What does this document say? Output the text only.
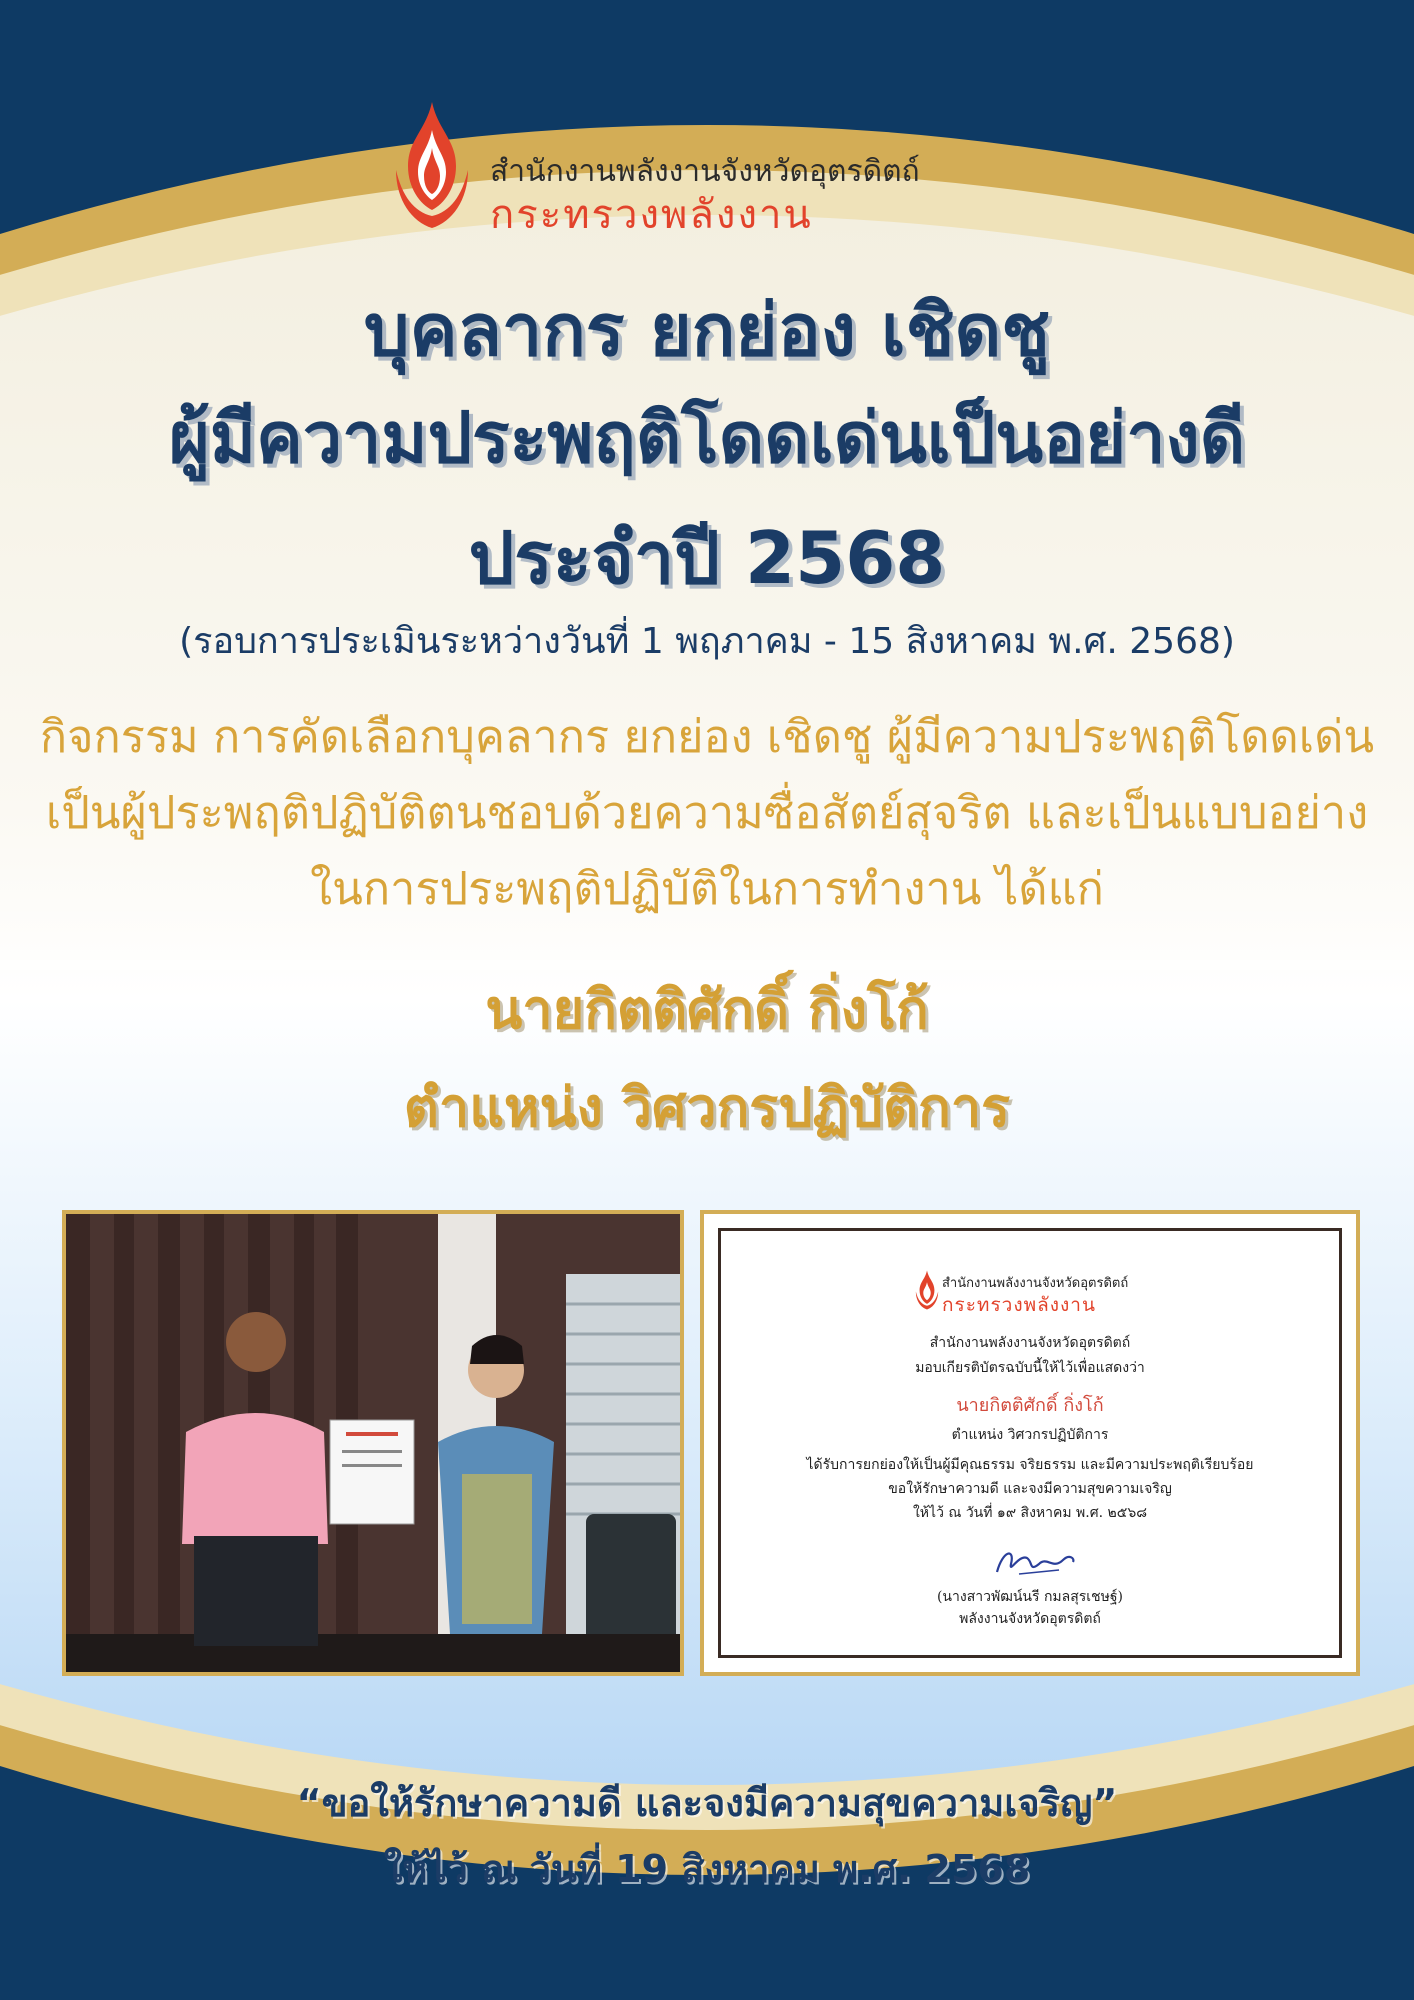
สำนักงานพลังงานจังหวัดอุตรดิตถ์
กระทรวงพลังงาน
บุคลากร ยกย่อง เชิดชู
ผู้มีความประพฤติโดดเด่นเป็นอย่างดี
ประจำปี 2568
(รอบการประเมินระหว่างวันที่ 1 พฤภาคม - 15 สิงหาคม พ.ศ. 2568)
กิจกรรม การคัดเลือกบุคลากร ยกย่อง เชิดชู ผู้มีความประพฤติโดดเด่น
เป็นผู้ประพฤติปฏิบัติตนชอบด้วยความซื่อสัตย์สุจริต และเป็นแบบอย่าง
ในการประพฤติปฏิบัติในการทำงาน ได้แก่
นายกิตติศักดิ์ กิ่งโก้
ตำแหน่ง วิศวกรปฏิบัติการ
สำนักงานพลังงานจังหวัดอุตรดิตถ์
กระทรวงพลังงาน
สำนักงานพลังงานจังหวัดอุตรดิตถ์
มอบเกียรติบัตรฉบับนี้ให้ไว้เพื่อแสดงว่า
นายกิตติศักดิ์ กิ่งโก้
ตำแหน่ง วิศวกรปฏิบัติการ
ได้รับการยกย่องให้เป็นผู้มีคุณธรรม จริยธรรม และมีความประพฤติเรียบร้อย
ขอให้รักษาความดี และจงมีความสุขความเจริญ
ให้ไว้ ณ วันที่ ๑๙ สิงหาคม พ.ศ. ๒๕๖๘
(นางสาวพัฒน์นรี กมลสุรเชษฐ์)
พลังงานจังหวัดอุตรดิตถ์
“ขอให้รักษาความดี และจงมีความสุขความเจริญ”
ให้ไว้ ณ วันที่ 19 สิงหาคม พ.ศ. 2568
